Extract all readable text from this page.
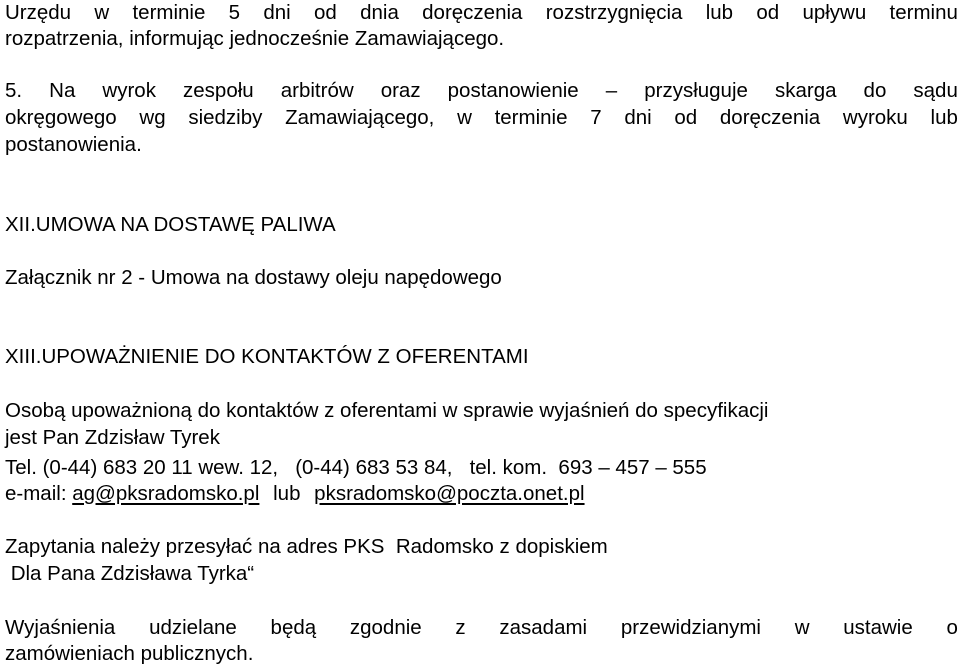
Urzędu w terminie 5 dni od dnia doręczenia rozstrzygnięcia lub od upływu terminu
rozpatrzenia, informując jednocześnie Zamawiającego.
5. Na wyrok zespołu arbitrów oraz postanowienie – przysługuje skarga do sądu
okręgowego wg siedziby Zamawiającego, w terminie 7 dni od doręczenia wyroku lub
postanowienia.
XII.UMOWA NA DOSTAWĘ PALIWA
Załącznik nr 2 - Umowa na dostawy oleju napędowego
XIII.UPOWAŻNIENIE DO KONTAKTÓW Z OFERENTAMI
Osobą upoważnioną do kontaktów z oferentami w sprawie wyjaśnień do specyfikacji
jest Pan Zdzisław Tyrek
Tel. (0-44) 683 20 11 wew. 12,   (0-44) 683 53 84,   tel. kom.  693 – 457 – 555
e-mail: ag@pksradomsko.pl lub pksradomsko@poczta.onet.pl
Zapytania należy przesyłać na adres PKS  Radomsko z dopiskiem
Dla Pana Zdzisława Tyrka“
Wyjaśnienia udzielane będą zgodnie z zasadami przewidzianymi w ustawie o
zamówieniach publicznych.
